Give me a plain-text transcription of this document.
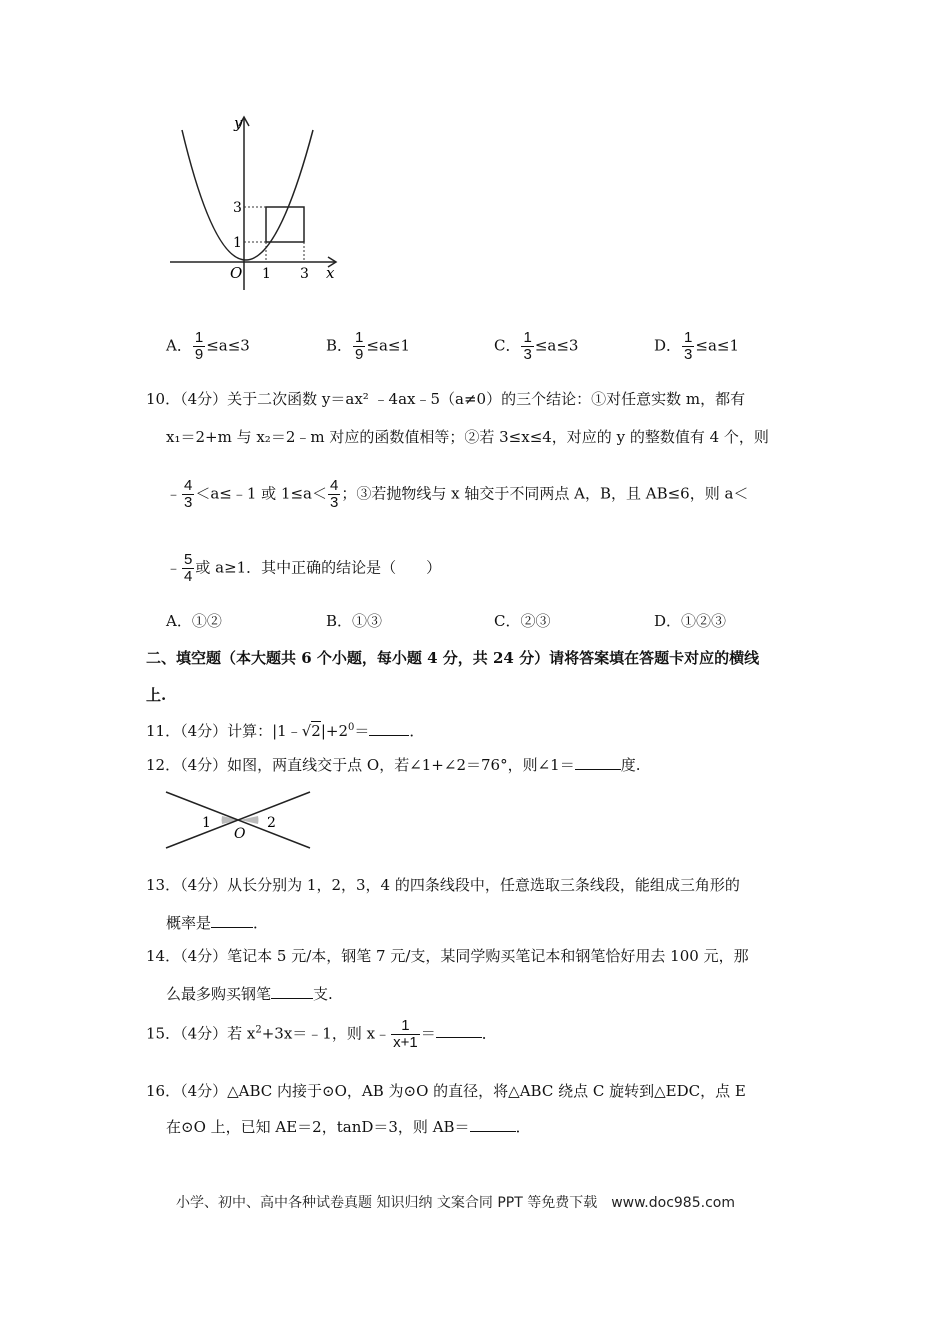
y
x
O 1 3
1
3
A． $\frac{1}{9} \le a\le 3$	B． $\frac{1}{9} \le a\le 1$	C． $\frac{1}{3} \le a\le 3$	D． $\frac{1}{3} \le a\le 1$
10．（4分）关于二次函数 y＝ax² ﹣4ax﹣5（a≠0）的三个结论：①对任意实数 m，都有
x₁＝2+m 与 x₂＝2﹣m 对应的函数值相等；②若 3≤x≤4，对应的 y 的整数值有 4 个，则
﹣ $\frac{4}{3}$ ＜a≤﹣1 或 $1\le a< \frac{4}{3}$ ；③若抛物线与 x 轴交于不同两点 A，B，且 AB≤6，则 a＜
﹣ $\frac{5}{4}$ 或 a≥1．其中正确的结论是（　　）
A．①②	B．①③	C．②③	D．①②③
二、填空题（本大题共 6 个小题，每小题 4 分，共 24 分）请将答案填在答题卡对应的横线
上.
11．（4分）计算：$|1﹣√2|+2^0=$	．
12．（4分）如图，两直线交于点 O，若∠1+∠2＝76°，则∠1＝	度.
1	2
O
13．（4分）从长分别为 1，2，3，4 的四条线段中，任意选取三条线段，能组成三角形的
概率是	．
14．（4分）笔记本 5 元/本，钢笔 7 元/支，某同学购买笔记本和钢笔恰好用去 100 元，那
么最多购买钢笔	支.
15．（4分）若 $x^2+3x=﹣1$，则 x﹣ $\frac{1}{x+1}$ ＝	．
16．（4分）△ABC 内接于⊙O，AB 为⊙O 的直径，将△ABC 绕点 C 旋转到△EDC，点 E
在⊙O 上，已知 AE＝2，tanD＝3，则 AB＝	．
小学、初中、高中各种试卷真题 知识归纳 文案合同 PPT 等免费下载　www.doc985.com
